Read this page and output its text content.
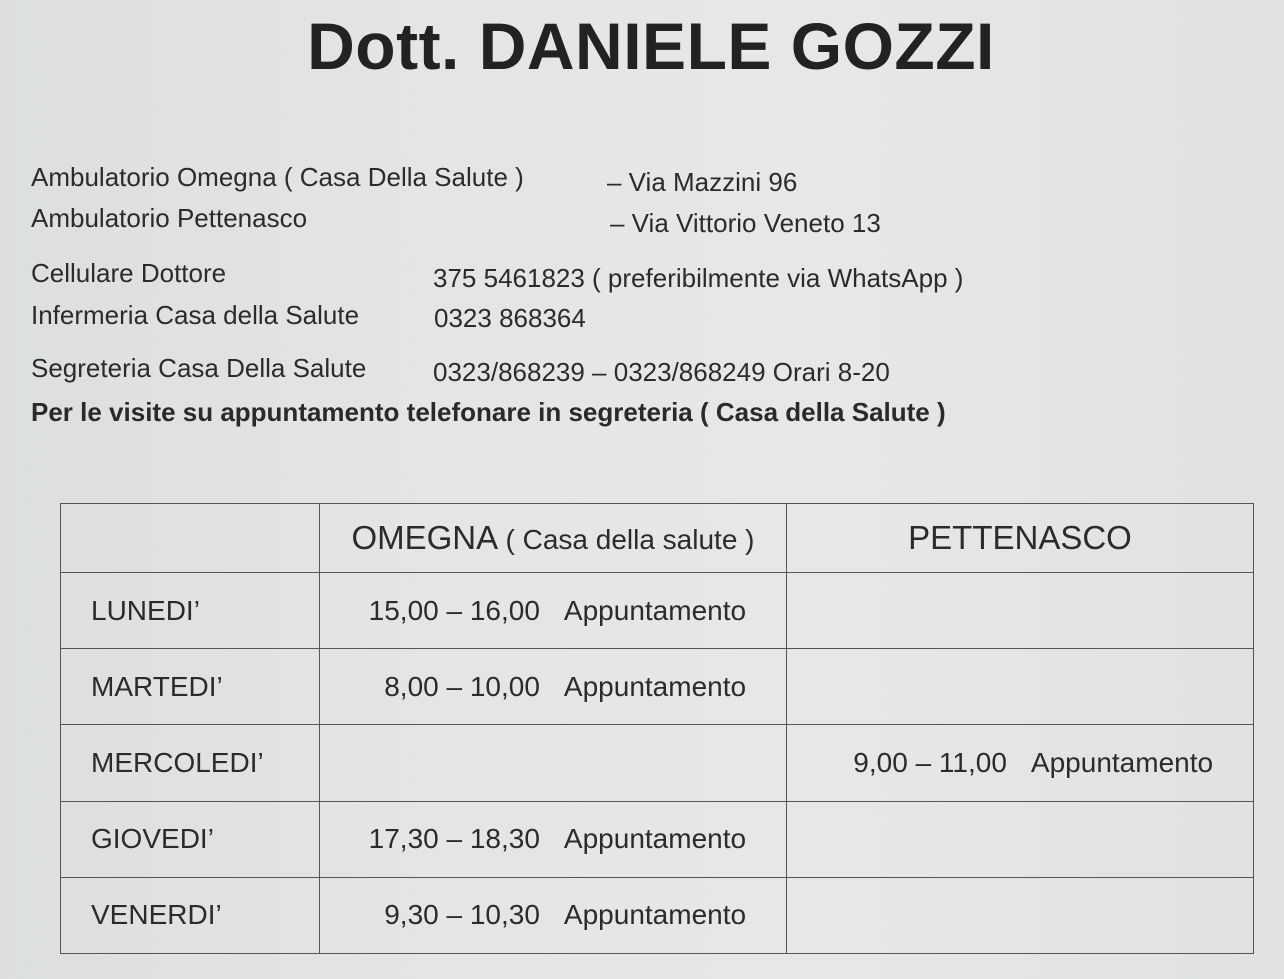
Dott. DANIELE GOZZI
Ambulatorio Omegna ( Casa Della Salute )	– Via Mazzini 96
Ambulatorio Pettenasco	– Via Vittorio Veneto 13
Cellulare Dottore	375 5461823 ( preferibilmente via WhatsApp )
Infermeria Casa della Salute	0323 868364
Segreteria Casa Della Salute	0323/868239 – 0323/868249 Orari 8-20
Per le visite su appuntamento telefonare in segreteria ( Casa della Salute )
	OMEGNA ( Casa della salute )	PETTENASCO
LUNEDI’	15,00 – 16,00 Appuntamento	
MARTEDI’	8,00 – 10,00 Appuntamento	
MERCOLEDI’		9,00 – 11,00 Appuntamento
GIOVEDI’	17,30 – 18,30 Appuntamento	
VENERDI’	9,30 – 10,30 Appuntamento	
